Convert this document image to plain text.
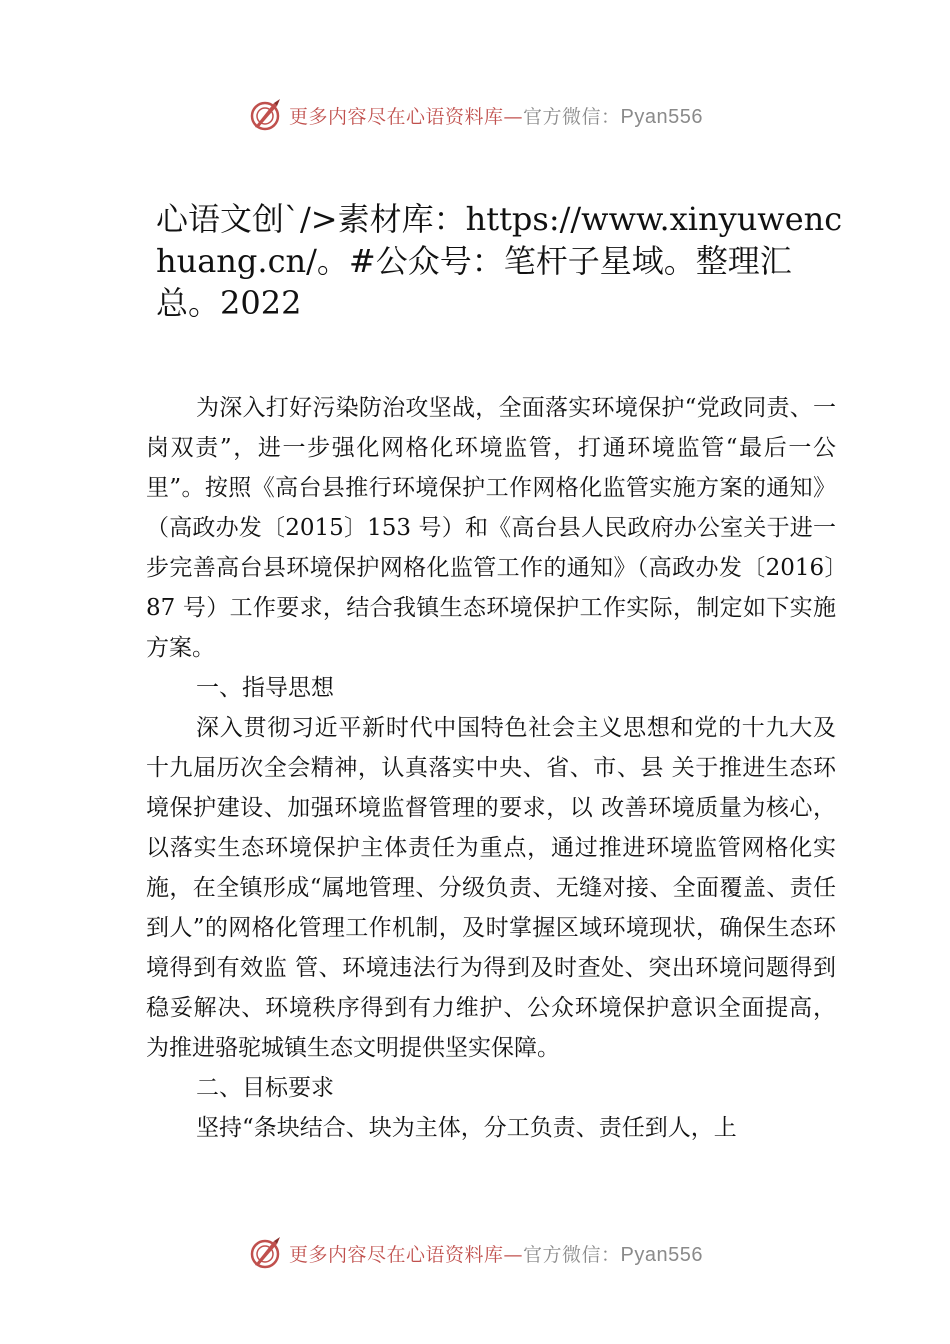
更多内容尽在心语资料库—官方微信：Pyan556
心语文创`/>素材库：https://www.xinyuwenchuang.cn/。#公众号：笔杆子星域。整理汇总。2022

为深入打好污染防治攻坚战，全面落实环境保护“党政同责、一岗双责”，进一步强化网格化环境监管，打通环境监管“最后一公里”。按照《高台县推行环境保护工作网格化监管实施方案的通知》（高政办发〔2015〕153 号）和《高台县人民政府办公室关于进一步完善高台县环境保护网格化监管工作的通知》（高政办发〔2016〕87 号）工作要求，结合我镇生态环境保护工作实际，制定如下实施方案。

一、指导思想

深入贯彻习近平新时代中国特色社会主义思想和党的十九大及十九届历次全会精神，认真落实中央、省、市、县 关于推进生态环境保护建设、加强环境监督管理的要求，以 改善环境质量为核心，以落实生态环境保护主体责任为重点，通过推进环境监管网格化实施，在全镇形成“属地管理、分级负责、无缝对接、全面覆盖、责任到人”的网格化管理工作机制，及时掌握区域环境现状，确保生态环境得到有效监 管、环境违法行为得到及时查处、突出环境问题得到稳妥解决、环境秩序得到有力维护、公众环境保护意识全面提高， 为推进骆驼城镇生态文明提供坚实保障。

二、目标要求

坚持“条块结合、块为主体，分工负责、责任到人，上

更多内容尽在心语资料库—官方微信：Pyan556
